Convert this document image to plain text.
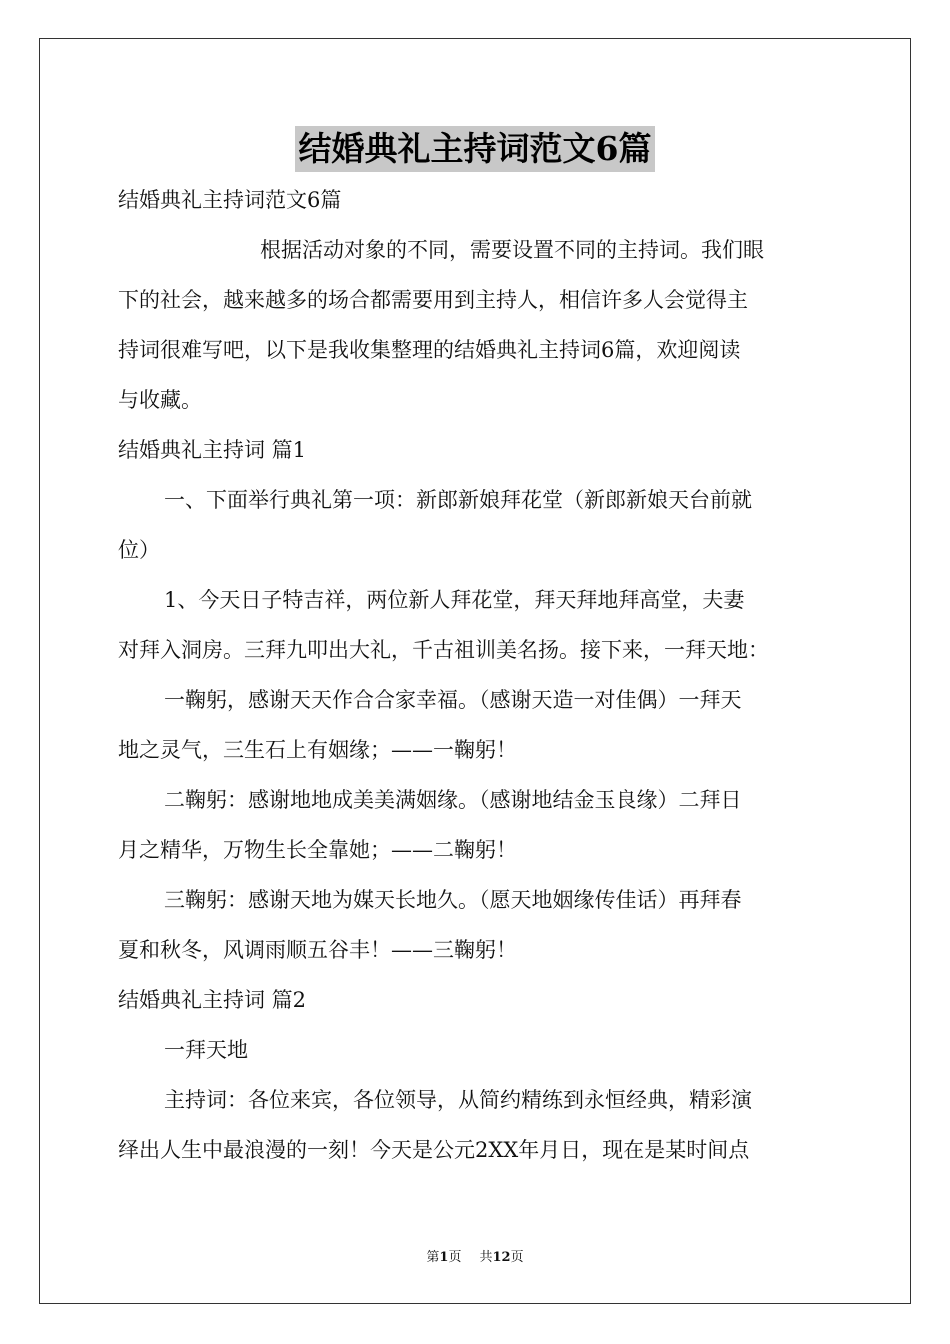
结婚典礼主持词范文6篇

结婚典礼主持词范文6篇

根据活动对象的不同，需要设置不同的主持词。我们眼

下的社会，越来越多的场合都需要用到主持人，相信许多人会觉得主

持词很难写吧，以下是我收集整理的结婚典礼主持词6篇，欢迎阅读

与收藏。

结婚典礼主持词 篇1

一、下面举行典礼第一项：新郎新娘拜花堂（新郎新娘天台前就

位）

1、今天日子特吉祥，两位新人拜花堂，拜天拜地拜高堂，夫妻

对拜入洞房。三拜九叩出大礼，千古祖训美名扬。接下来，一拜天地：

一鞠躬，感谢天天作合合家幸福。（感谢天造一对佳偶）一拜天

地之灵气，三生石上有姻缘；——一鞠躬！

二鞠躬：感谢地地成美美满姻缘。（感谢地结金玉良缘）二拜日

月之精华，万物生长全靠她；——二鞠躬！

三鞠躬：感谢天地为媒天长地久。（愿天地姻缘传佳话）再拜春

夏和秋冬，风调雨顺五谷丰！——三鞠躬！

结婚典礼主持词 篇2

一拜天地

主持词：各位来宾，各位领导，从简约精练到永恒经典，精彩演

绎出人生中最浪漫的一刻！今天是公元2XX年月日，现在是某时间点

第1页 共12页
